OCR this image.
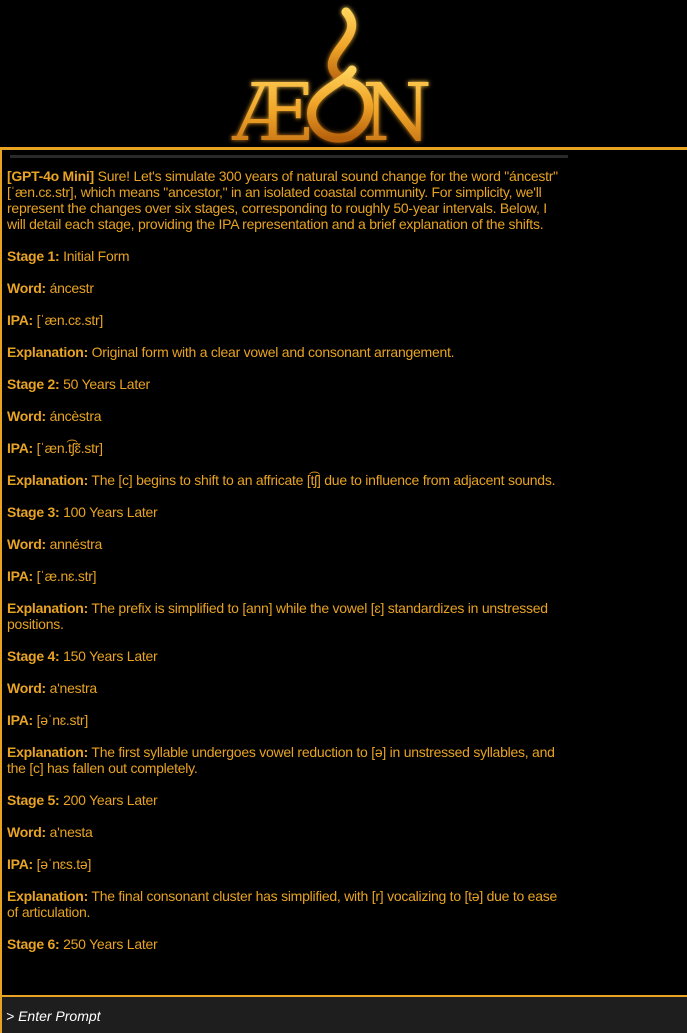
Æ N

[GPT-4o Mini] Sure! Let's simulate 300 years of natural sound change for the word "áncestr" [ˈæn.cɛ.str], which means "ancestor," in an isolated coastal community. For simplicity, we'll represent the changes over six stages, corresponding to roughly 50-year intervals. Below, I will detail each stage, providing the IPA representation and a brief explanation of the shifts.

Stage 1: Initial Form

Word: áncestr

IPA: [ˈæn.cɛ.str]

Explanation: Original form with a clear vowel and consonant arrangement.

Stage 2: 50 Years Later

Word: áncèstra

IPA: [ˈæn.t͡ʃɛ̃.str]

Explanation: The [c] begins to shift to an affricate [t͡ʃ] due to influence from adjacent sounds.

Stage 3: 100 Years Later

Word: annéstra

IPA: [ˈæ.nɛ.str]

Explanation: The prefix is simplified to [ann] while the vowel [ɛ] standardizes in unstressed positions.

Stage 4: 150 Years Later

Word: a'nestra

IPA: [əˈnɛ.str]

Explanation: The first syllable undergoes vowel reduction to [ə] in unstressed syllables, and the [c] has fallen out completely.

Stage 5: 200 Years Later

Word: a'nesta

IPA: [əˈnɛs.tə]

Explanation: The final consonant cluster has simplified, with [r] vocalizing to [tə] due to ease of articulation.

Stage 6: 250 Years Later

> Enter Prompt
